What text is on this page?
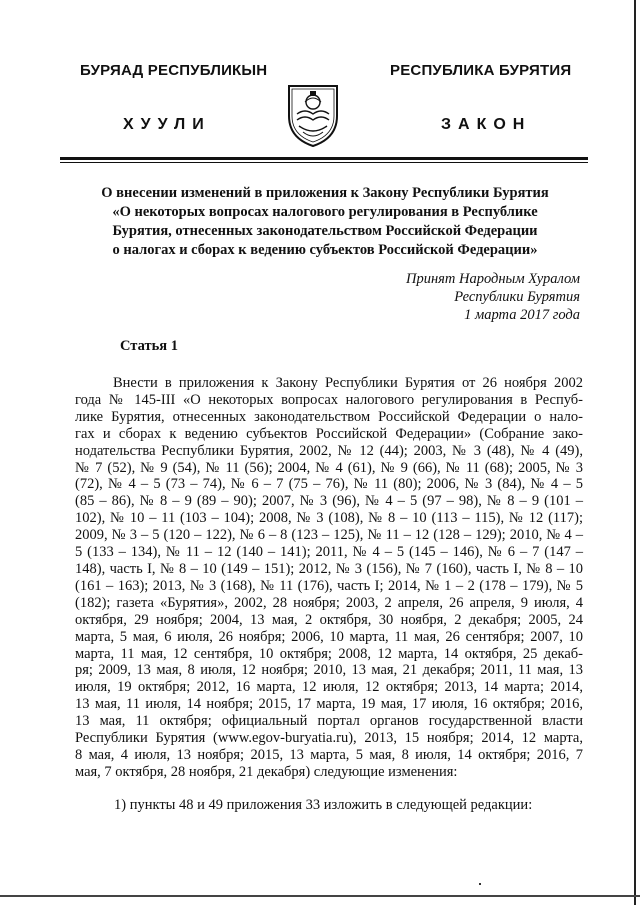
БУРЯАД РЕСПУБЛИКЫН	РЕСПУБЛИКА БУРЯТИЯ
ХУУЛИ	ЗАКОН
О внесении изменений в приложения к Закону Республики Бурятия
«О некоторых вопросах налогового регулирования в Республике
Бурятия, отнесенных законодательством Российской Федерации
о налогах и сборах к ведению субъектов Российской Федерации»
Принят Народным Хуралом
Республики Бурятия
1 марта 2017 года
Статья 1
Внести в приложения к Закону Республики Бурятия от 26 ноября 2002
года № 145-III «О некоторых вопросах налогового регулирования в Респуб-
лике Бурятия, отнесенных законодательством Российской Федерации о нало-
гах и сборах к ведению субъектов Российской Федерации» (Собрание зако-
нодательства Республики Бурятия, 2002, № 12 (44); 2003, № 3 (48), № 4 (49),
№ 7 (52), № 9 (54), № 11 (56); 2004, № 4 (61), № 9 (66), № 11 (68); 2005, № 3
(72), № 4 – 5 (73 – 74), № 6 – 7 (75 – 76), № 11 (80); 2006, № 3 (84), № 4 – 5
(85 – 86), № 8 – 9 (89 – 90); 2007, № 3 (96), № 4 – 5 (97 – 98), № 8 – 9 (101 –
102), № 10 – 11 (103 – 104); 2008, № 3 (108), № 8 – 10 (113 – 115), № 12 (117);
2009, № 3 – 5 (120 – 122), № 6 – 8 (123 – 125), № 11 – 12 (128 – 129); 2010, № 4 –
5 (133 – 134), № 11 – 12 (140 – 141); 2011, № 4 – 5 (145 – 146), № 6 – 7 (147 –
148), часть I, № 8 – 10 (149 – 151); 2012, № 3 (156), № 7 (160), часть I, № 8 – 10
(161 – 163); 2013, № 3 (168), № 11 (176), часть I; 2014, № 1 – 2 (178 – 179), № 5
(182); газета «Бурятия», 2002, 28 ноября; 2003, 2 апреля, 26 апреля, 9 июля, 4
октября, 29 ноября; 2004, 13 мая, 2 октября, 30 ноября, 2 декабря; 2005, 24
марта, 5 мая, 6 июля, 26 ноября; 2006, 10 марта, 11 мая, 26 сентября; 2007, 10
марта, 11 мая, 12 сентября, 10 октября; 2008, 12 марта, 14 октября, 25 декаб-
ря; 2009, 13 мая, 8 июля, 12 ноября; 2010, 13 мая, 21 декабря; 2011, 11 мая, 13
июля, 19 октября; 2012, 16 марта, 12 июля, 12 октября; 2013, 14 марта; 2014,
13 мая, 11 июля, 14 ноября; 2015, 17 марта, 19 мая, 17 июля, 16 октября; 2016,
13 мая, 11 октября; официальный портал органов государственной власти
Республики Бурятия (www.egov-buryatia.ru), 2013, 15 ноября; 2014, 12 марта,
8 мая, 4 июля, 13 ноября; 2015, 13 марта, 5 мая, 8 июля, 14 октября; 2016, 7
мая, 7 октября, 28 ноября, 21 декабря) следующие изменения:
1) пункты 48 и 49 приложения 33 изложить в следующей редакции:
